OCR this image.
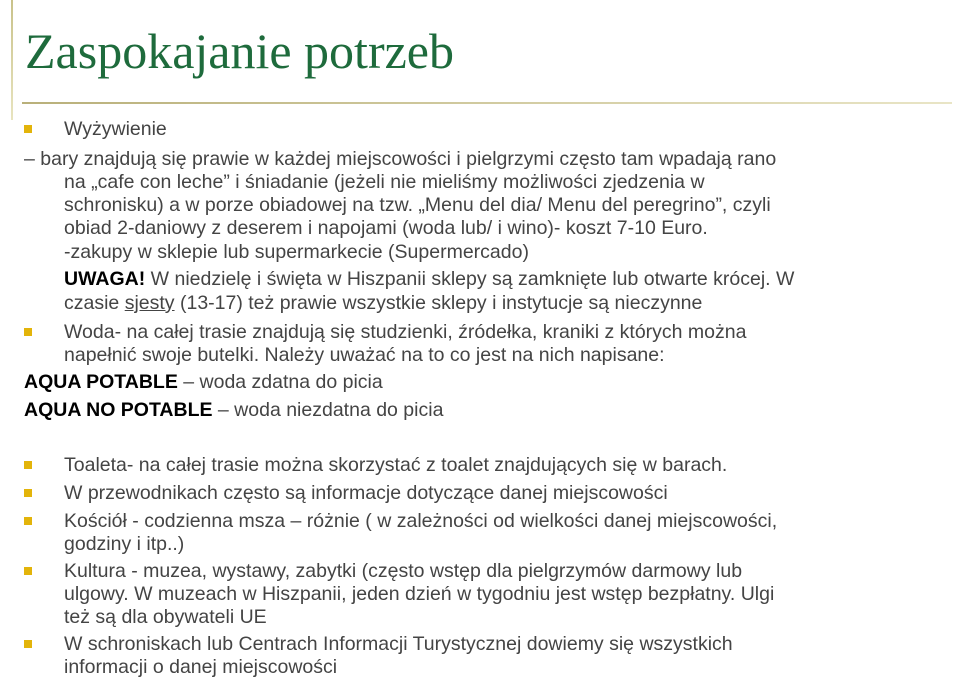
Zaspokajanie potrzeb
Wyżywienie
– bary znajdują się prawie w każdej miejscowości i pielgrzymi często tam wpadają rano
na „cafe con leche” i śniadanie (jeżeli nie mieliśmy możliwości zjedzenia w
schronisku) a w porze obiadowej na tzw. „Menu del dia/ Menu del peregrino”, czyli
obiad 2-daniowy z deserem i napojami (woda lub/ i wino)- koszt 7-10 Euro.
-zakupy w sklepie lub supermarkecie (Supermercado)
UWAGA! W niedzielę i święta w Hiszpanii sklepy są zamknięte lub otwarte krócej. W
czasie sjesty (13-17) też prawie wszystkie sklepy i instytucje są nieczynne
Woda- na całej trasie znajdują się studzienki, źródełka, kraniki z których można
napełnić swoje butelki. Należy uważać na to co jest na nich napisane:
AQUA POTABLE – woda zdatna do picia
AQUA NO POTABLE – woda niezdatna do picia
Toaleta- na całej trasie można skorzystać z toalet znajdujących się w barach.
W przewodnikach często są informacje dotyczące danej miejscowości
Kościół - codzienna msza – różnie ( w zależności od wielkości danej miejscowości,
godziny i itp..)
Kultura - muzea, wystawy, zabytki (często wstęp dla pielgrzymów darmowy lub
ulgowy. W muzeach w Hiszpanii, jeden dzień w tygodniu jest wstęp bezpłatny. Ulgi
też są dla obywateli UE
W schroniskach lub Centrach Informacji Turystycznej dowiemy się wszystkich
informacji o danej miejscowości
